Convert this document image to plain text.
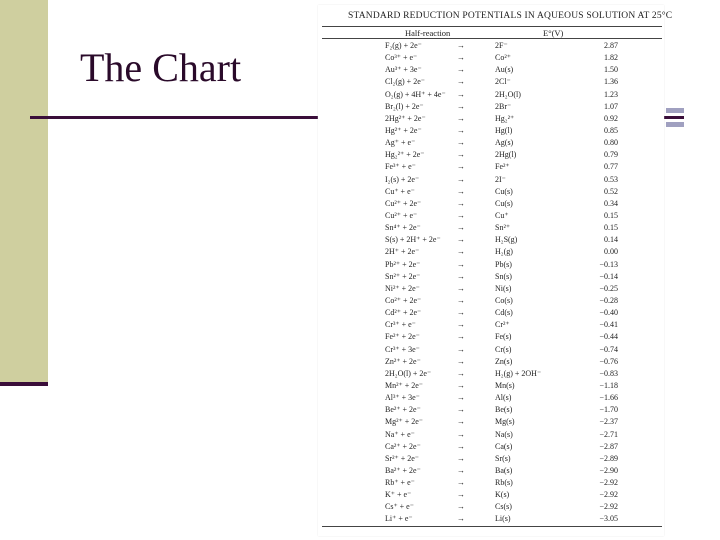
The Chart
STANDARD REDUCTION POTENTIALS IN AQUEOUS SOLUTION AT 25°C
Half-reaction	E°(V)
F₂(g) + 2e⁻	→	2F⁻	2.87
Co³⁺ + e⁻	→	Co²⁺	1.82
Au³⁺ + 3e⁻	→	Au(s)	1.50
Cl₂(g) + 2e⁻	→	2Cl⁻	1.36
O₂(g) + 4H⁺ + 4e⁻ →	2H₂O(l)	1.23
Br₂(l) + 2e⁻	→	2Br⁻	1.07
2Hg²⁺ + 2e⁻	→	Hg₂²⁺	0.92
Hg²⁺ + 2e⁻	→	Hg(l)	0.85
Ag⁺ + e⁻	→	Ag(s)	0.80
Hg₂²⁺ + 2e⁻	→	2Hg(l)	0.79
Fe³⁺ + e⁻	→	Fe²⁺	0.77
I₂(s) + 2e⁻	→	2I⁻	0.53
Cu⁺ + e⁻	→	Cu(s)	0.52
Cu²⁺ + 2e⁻	→	Cu(s)	0.34
Cu²⁺ + e⁻	→	Cu⁺	0.15
Sn⁴⁺ + 2e⁻	→	Sn²⁺	0.15
S(s) + 2H⁺ + 2e⁻ →	H₂S(g)	0.14
2H⁺ + 2e⁻	→	H₂(g)	0.00
Pb²⁺ + 2e⁻	→	Pb(s)	−0.13
Sn²⁺ + 2e⁻	→	Sn(s)	−0.14
Ni²⁺ + 2e⁻	→	Ni(s)	−0.25
Co²⁺ + 2e⁻	→	Co(s)	−0.28
Cd²⁺ + 2e⁻	→	Cd(s)	−0.40
Cr³⁺ + e⁻	→	Cr²⁺	−0.41
Fe²⁺ + 2e⁻	→	Fe(s)	−0.44
Cr³⁺ + 3e⁻	→	Cr(s)	−0.74
Zn²⁺ + 2e⁻	→	Zn(s)	−0.76
2H₂O(l) + 2e⁻	→	H₂(g) + 2OH⁻	−0.83
Mn²⁺ + 2e⁻	→	Mn(s)	−1.18
Al³⁺ + 3e⁻	→	Al(s)	−1.66
Be²⁺ + 2e⁻	→	Be(s)	−1.70
Mg²⁺ + 2e⁻	→	Mg(s)	−2.37
Na⁺ + e⁻	→	Na(s)	−2.71
Ca²⁺ + 2e⁻	→	Ca(s)	−2.87
Sr²⁺ + 2e⁻	→	Sr(s)	−2.89
Ba²⁺ + 2e⁻	→	Ba(s)	−2.90
Rb⁺ + e⁻	→	Rb(s)	−2.92
K⁺ + e⁻	→	K(s)	−2.92
Cs⁺ + e⁻	→	Cs(s)	−2.92
Li⁺ + e⁻	→	Li(s)	−3.05
